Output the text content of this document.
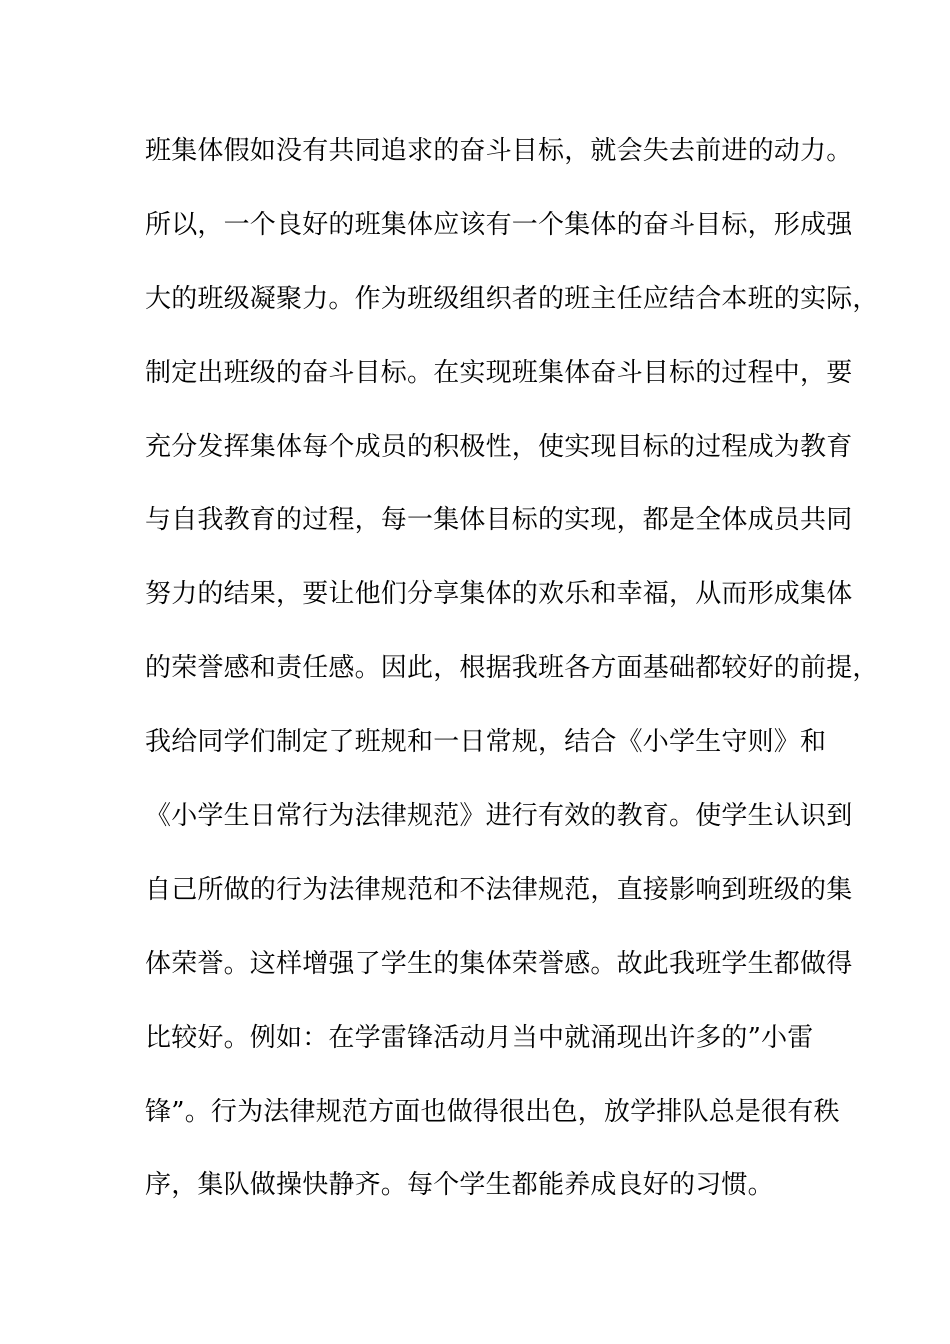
班集体假如没有共同追求的奋斗目标，就会失去前进的动力。
所以，一个良好的班集体应该有一个集体的奋斗目标，形成强
大的班级凝聚力。作为班级组织者的班主任应结合本班的实际，
制定出班级的奋斗目标。在实现班集体奋斗目标的过程中，要
充分发挥集体每个成员的积极性，使实现目标的过程成为教育
与自我教育的过程，每一集体目标的实现，都是全体成员共同
努力的结果，要让他们分享集体的欢乐和幸福，从而形成集体
的荣誉感和责任感。因此，根据我班各方面基础都较好的前提，
我给同学们制定了班规和一日常规，结合《小学生守则》和
《小学生日常行为法律规范》进行有效的教育。使学生认识到
自己所做的行为法律规范和不法律规范，直接影响到班级的集
体荣誉。这样增强了学生的集体荣誉感。故此我班学生都做得
比较好。例如：在学雷锋活动月当中就涌现出许多的”小雷
锋”。行为法律规范方面也做得很出色，放学排队总是很有秩
序，集队做操快静齐。每个学生都能养成良好的习惯。
